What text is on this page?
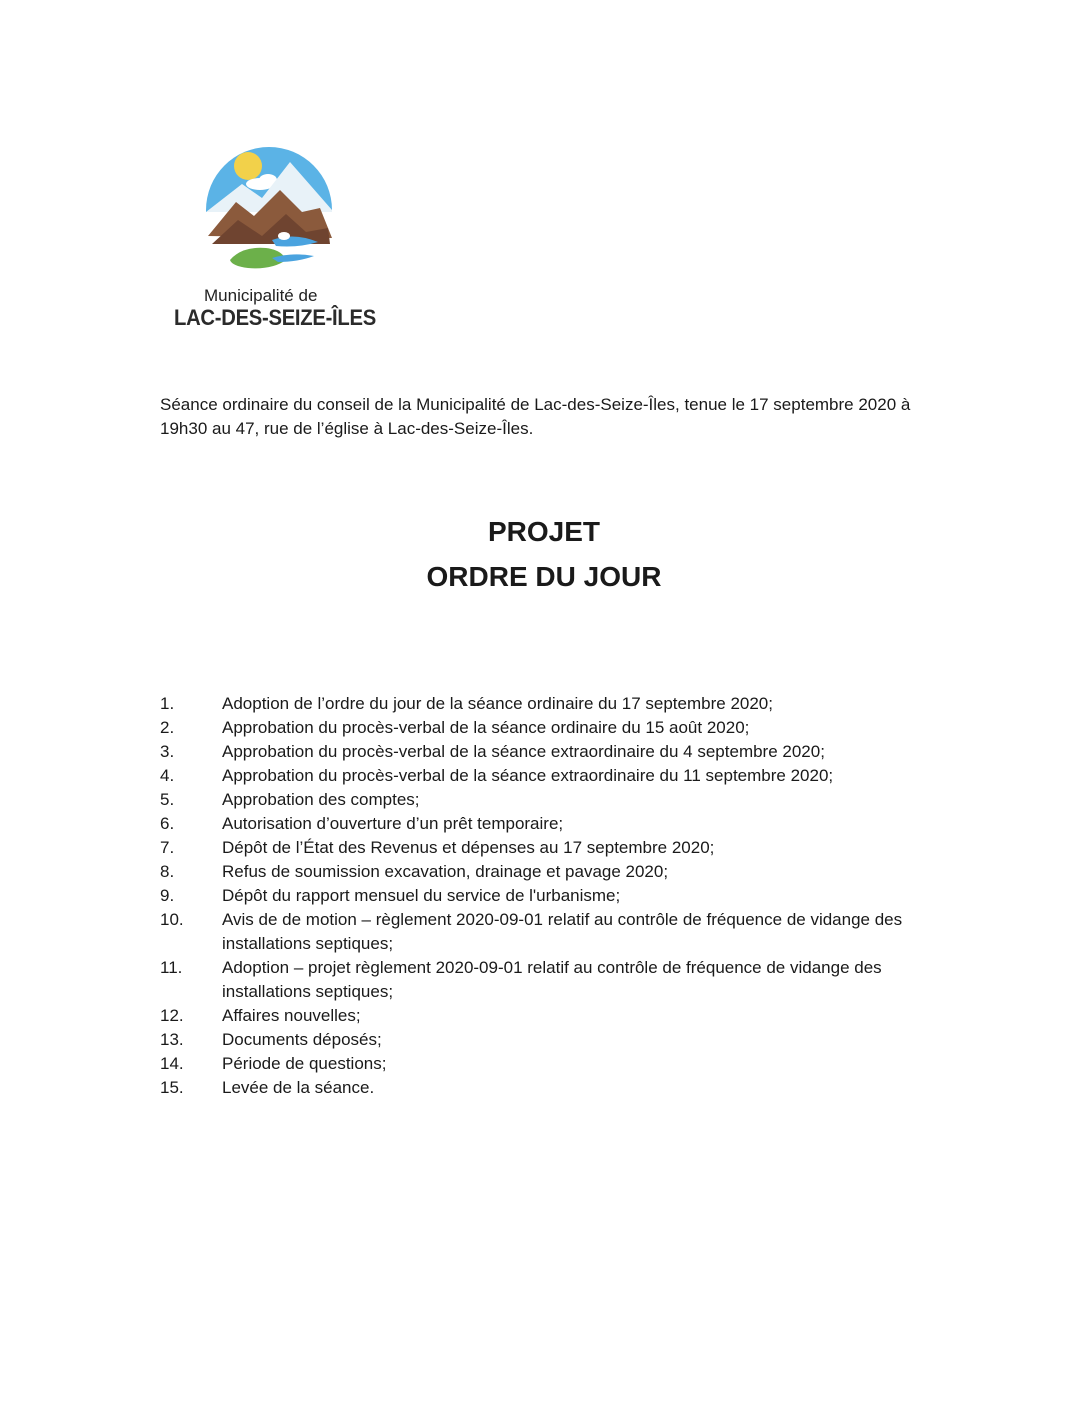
Municipalité de
LAC-DES-SEIZE-ÎLES
Séance ordinaire du conseil de la Municipalité de Lac-des-Seize-Îles, tenue le 17 septembre 2020 à 19h30 au 47, rue de l’église à Lac-des-Seize-Îles.
PROJET
ORDRE DU JOUR
1.	Adoption de l’ordre du jour de la séance ordinaire du 17 septembre 2020;
2.	Approbation du procès-verbal de la séance ordinaire du 15 août 2020;
3.	Approbation du procès-verbal de la séance extraordinaire du 4 septembre 2020;
4.	Approbation du procès-verbal de la séance extraordinaire du 11 septembre 2020;
5.	Approbation des comptes;
6.	Autorisation d’ouverture d’un prêt temporaire;
7.	Dépôt de l’État des Revenus et dépenses au 17 septembre 2020;
8.	Refus de soumission excavation, drainage et pavage 2020;
9.	Dépôt du rapport mensuel du service de l'urbanisme;
10. Avis de de motion – règlement 2020-09-01 relatif au contrôle de fréquence de vidange des installations septiques;
11. Adoption – projet règlement 2020-09-01 relatif au contrôle de fréquence de vidange des installations septiques;
12. Affaires nouvelles;
13. Documents déposés;
14. Période de questions;
15. Levée de la séance.
